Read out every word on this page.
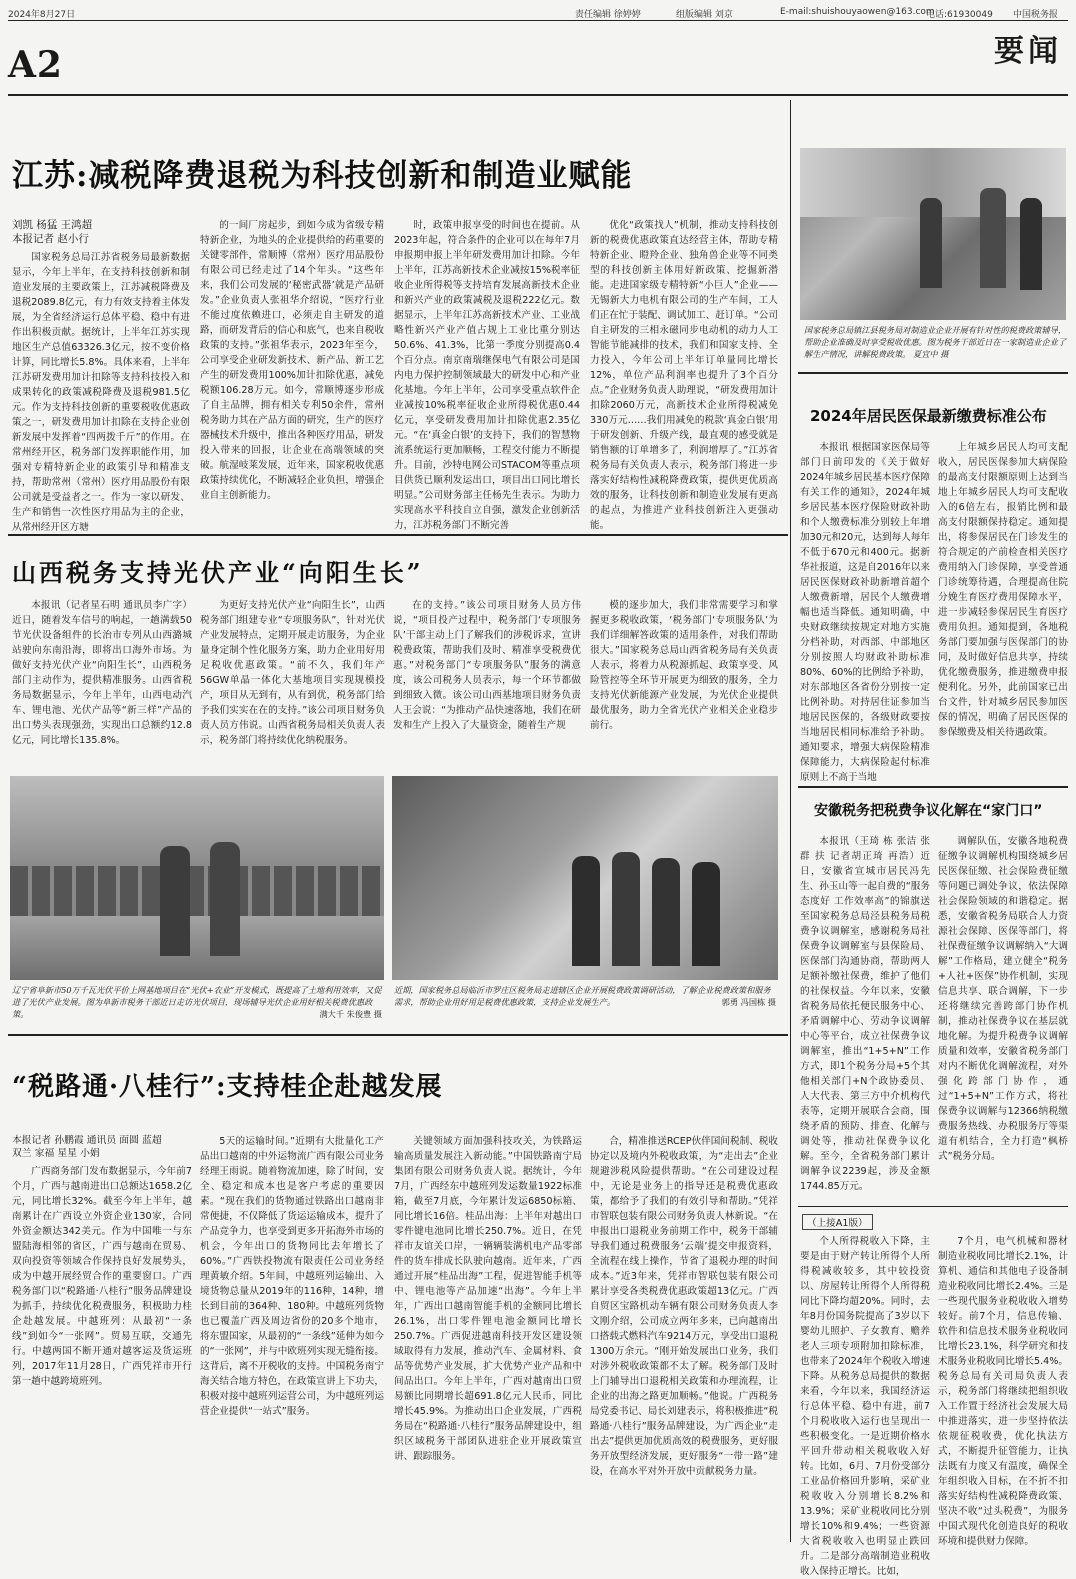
2024年8月27日	责任编辑 徐婷婷	组版编辑 刘京	E-mail:shuishouyaowen@163.com
电话:61930049 中国税务报
A2	要闻
江苏:减税降费退税为科技创新和制造业赋能
刘凯 杨猛 王鸿超
本报记者 赵小行
国家税务总局江苏省税务局最新数据显示，今年上半年，在支持科技创新和制造业发展的主要政策上，江苏减税降费及退税2089.8亿元，有力有效支持着主体发展，为全省经济运行总体平稳、稳中有进作出积极贡献。据统计，上半年江苏实现地区生产总值63326.3亿元，按不变价格计算，同比增长5.8%。具体来看，上半年江苏研发费用加计扣除等支持科技投入和成果转化的政策减税降费及退税981.5亿元。作为支持科技创新的重要税收优惠政策之一，研发费用加计扣除在支持企业创新发展中发挥着“四两拨千斤”的作用。在常州经开区，税务部门发挥职能作用，加强对专精特新企业的政策引导和精准支持，帮助常州（常州）医疗用品股份有限公司就是受益者之一。作为一家以研发、生产和销售一次性医疗用品为主的企业，从常州经开区方塘
的一间厂房起步，到如今成为省级专精特新企业，为地头的企业提供给的药重要的关键零部件，常顺博（常州）医疗用品股份有限公司已经走过了14个年头。“这些年来，我们公司发展的‘秘密武器’就是产品研发。”企业负责人张祖华介绍说，“医疗行业不能过度依赖进口，必须走自主研发的道路，而研发背后的信心和底气，也来自税收政策的支持。”张祖华表示，2023年至今，公司享受企业研发新技术、新产品、新工艺产生的研发费用100%加计扣除优惠，减免税额106.28万元。如今，常顺博逐步形成了自主品牌，拥有相关专利50余件，常州税务助力其在产品方面的研究，生产的医疗器械技术升级中，推出各种医疗用品，研发投入带来的回报，让企业在高端领域的突破。航湿岐莱发展，近年来，国家税收优惠政策持续优化，不断减轻企业负担，增强企业自主创新能力。
时，政策申报享受的时间也在提前。从2023年起，符合条件的企业可以在每年7月申报期申报上半年研发费用加计扣除。今年上半年，江苏高新技术企业减按15%税率征收企业所得税等支持培育发展高新技术企业和新兴产业的政策减税及退税222亿元。数据显示，上半年江苏高新技术产业、工业战略性新兴产业产值占规上工业比重分别达50.6%、41.3%，比第一季度分别提高0.4个百分点。南京南瑞继保电气有限公司是国内电力保护控制领域最大的研发中心和产业化基地。今年上半年，公司享受重点软件企业减按10%税率征收企业所得税优惠0.44亿元，享受研发费用加计扣除优惠2.35亿元。“在‘真金白银’的支持下，我们的智慧物流系统运行更加顺畅，工程交付能力不断提升。目前，沙特电网公司STACOM等重点项目供货已顺利发运出口，项目出口同比增长明显。”公司财务部主任杨先生表示。为助力实现高水平科技自立自强，激发企业创新活力，江苏税务部门不断完善
优化“政策找人”机制，推动支持科技创新的税费优惠政策直达经营主体，帮助专精特新企业、瞪羚企业、独角兽企业等不同类型的科技创新主体用好新政策、挖掘新潜能。走进国家级专精特新“小巨人”企业——无锡新大力电机有限公司的生产车间，工人们正在忙于装配、调试加工、赶订单。“公司自主研发的三相永磁同步电动机的动力人工智能节能减排的技术，我们和国家支持、全力投入，今年公司上半年订单量同比增长12%，单位产品利润率也提升了3个百分点。”企业财务负责人助理说，“研发费用加计扣除2060万元，高新技术企业所得税减免330万元……我们用减免的税款‘真金白银’用于研发创新、升级产线，最直观的感受就是销售额的订单增多了，利润增厚了。”江苏省税务局有关负责人表示，税务部门将进一步落实好结构性减税降费政策，提供更优质高效的服务，让科技创新和制造业发展有更高的起点，为推进产业科技创新注入更强动能。
国家税务总局镇江县税务局对制造业企业开展有针对性的税费政策辅导，帮助企业准确及时享受税收优惠。图为税务干部近日在一家制造业企业了解生产情况，讲解税费政策。 夏宜中 摄
2024年居民医保最新缴费标准公布
本报讯 根据国家医保局等部门日前印发的《关于做好2024年城乡居民基本医疗保障有关工作的通知》，2024年城乡居民基本医疗保险财政补助和个人缴费标准分别较上年增加30元和20元，达到每人每年不低于670元和400元。据新华社报道，这是自2016年以来居民医保财政补助新增首超个人缴费新增，居民个人缴费增幅也适当降低。通知明确，中央财政继续按规定对地方实施分档补助，对西部、中部地区分别按照人均财政补助标准80%、60%的比例给予补助，对东部地区各省份分别按一定比例补助。对持居住证参加当地居民医保的，各级财政要按当地居民相同标准给予补助。通知要求，增强大病保险精准保障能力，大病保险起付标准原则上不高于当地
上年城乡居民人均可支配收入，居民医保参加大病保险的最高支付限额原则上达到当地上年城乡居民人均可支配收入的6倍左右，报销比例和最高支付限额保持稳定。通知提出，将参保居民在门诊发生的符合规定的产前检查相关医疗费用纳入门诊保障，享受普通门诊统筹待遇，合理提高住院分娩生育医疗费用保障水平，进一步减轻参保居民生育医疗费用负担。通知提到，各地税务部门要加强与医保部门的协同，及时做好信息共享，持续优化缴费服务，推进缴费申报便利化。另外，此前国家已出台文件，针对城乡居民参加医保的情况，明确了居民医保的参保缴费及相关待遇政策。
安徽税务把税费争议化解在“家门口”
本报讯（王琦 栋 张洁 张 群 扶 记者胡正琦 再浩）近日，安徽省宣城市居民冯先生、孙玉山等一起自费的“服务态度好 工作效率高”的锦旗送至国家税务总局泾县税务局税费争议调解室，感谢税务局社保费争议调解室与县保险局、医保部门沟通协商，帮助两人足额补缴社保费，维护了他们的社保权益。今年以来，安徽省税务局依托便民服务中心、矛盾调解中心、劳动争议调解中心等平台，成立社保费争议调解室，推出“1+5+N”工作方式，即1个税务分局+5个其他相关部门+N个政协委员、人大代表、第三方中介机构代表等，定期开展联合会商，围绕矛盾的预防、排查、化解与调处等，推动社保费争议化解。至今，全省税务部门累计调解争议2239起，涉及金额1744.85万元。
调解队伍，安徽各地税费征缴争议调解机构围绕城乡居民医保征缴、社会保险费征缴等问题已调处争议，依法保障社会保险领域的和谐稳定。据悉，安徽省税务局联合人力资源社会保障、医保等部门，将社保费征缴争议调解纳入“大调解”工作格局，建立健全“税务+人社+医保”协作机制，实现信息共享、联合调解，下一步还将继续完善跨部门协作机制，推动社保费争议在基层就地化解。为提升税费争议调解质量和效率，安徽省税务部门对内不断优化调解流程，对外强化跨部门协作，通过“1+5+N”工作方式，将社保费争议调解与12366纳税缴费服务热线、办税服务厅等渠道有机结合，全力打造“枫桥式”税务分局。
山西税务支持光伏产业“向阳生长”
本报讯（记者星石明 通讯员李广字）近日，随着发车信号的响起，一趟满载50节光伏设备组件的长治市专列从山西潞城站驶向东南沿海，即将出口海外市场。为做好支持光伏产业“向阳生长”，山西税务部门主动作为，提供精准服务。山西省税务局数据显示，今年上半年，山西电动汽车、锂电池、光伏产品等“新三样”产品的出口势头表现强劲，实现出口总额约12.8亿元，同比增长135.8%。
为更好支持光伏产业“向阳生长”，山西税务部门组建专业“专项服务队”，针对光伏产业发展特点，定期开展走访服务，为企业量身定制个性化服务方案，助力企业用好用足税收优惠政策。“前不久，我们年产56GW单晶一体化大基地项目实现规模投产，项目从无到有，从有到优，税务部门给予我们实实在在的支持。”该公司项目财务负责人员方伟说。山西省税务局相关负责人表示，税务部门将持续优化纳税服务。
在的支持。”该公司项目财务人员方伟说，“项目投产过程中，税务部门‘专项服务队’干部主动上门了解我们的涉税诉求，宣讲税费政策，帮助我们及时、精准享受税费优惠。”对税务部门“专项服务队”服务的满意度，该公司税务人员表示，每一个环节都做到细致入微。该公司山西基地项目财务负责人王会说：“为推动产品快速落地，我们在研发和生产上投入了大量资金，随着生产规
模的逐步加大，我们非常需要学习和掌握更多税收政策，‘税务部门‘专项服务队’为我们详细解答政策的适用条件，对我们帮助很大。”国家税务总局山西省税务局有关负责人表示，将着力从税源抓起、政策享受、风险管控等全环节开展更为细致的服务，全力支持光伏新能源产业发展，为光伏企业提供最优服务，助力全省光伏产业相关企业稳步前行。
辽宁省阜新市50万千瓦光伏平价上网基地项目在“光伏+农业”开发模式，既提高了土地利用效率，又促进了光伏产业发展。图为阜新市税务干部近日走访光伏项目，现场辅导光伏企业用好相关税费优惠政策。	满大千 朱俊豊 摄
近期，国家税务总局临沂市罗庄区税务局走进辖区企业开展税费政策调研活动，了解企业税费政策和服务需求，帮助企业用好用足税费优惠政策，支持企业发展生产。	郭勇 冯国栋 摄
“税路通·八桂行”:支持桂企赴越发展
本报记者 孙鹏霞 通讯员 面圆 蓝超
双兰 家福 星星 小娟
广西商务部门发布数据显示，今年前7个月，广西与越南进出口总额达1658.2亿元，同比增长32%。截至今年上半年，越南累计在广西设立外资企业130家，合同外资金额达342美元。作为中国唯一与东盟陆海相邻的省区，广西与越南在贸易、双向投资等领域合作保持良好发展势头，成为中越开展经贸合作的重要窗口。广西税务部门以“税路通·八桂行”服务品牌建设为抓手，持续优化税费服务，积极助力桂企赴越发展。中越班列：从最初“一条线”到如今“一张网”。贸易互联，交通先行。中越两国不断开通对越客运及货运班列，2017年11月28日，广西凭祥市开行第一趟中越跨境班列。
5天的运输时间。”近期有大批量化工产品出口越南的中外运物流广西有限公司业务经理王雨说。随着物流加速，除了时间，安全、稳定和成本也是客户考虑的重要因素。“现在我们的货物通过铁路出口越南非常便捷，不仅降低了货运运输成本，提升了产品竞争力，也享受到更多开拓海外市场的机会，今年出口的货物同比去年增长了60%。”广西铁投物流有限责任公司业务经理黄敏介绍。5年间，中越班列运输出、入境货物总量从2019年的116种，14种，增长到目前的364种、180种。中越班列货物也已覆盖广西及周边省份的20多个地市，将东盟国家，从最初的“一条线”延伸为如今的“一张网”，并与中欧班列实现无缝衔接。这背后，离不开税收的支持。中国税务南宁海关结合地方特色，在政策宣讲上下功夫，积极对接中越班列运营公司，为中越班列运营企业提供“一站式”服务。
关键领域方面加强科技攻关，为铁路运输高质量发展注入新动能。”中国铁路南宁局集团有限公司财务负责人说。据统计，今年7月，广西经东中越班列发运数量1922标准箱，截至7月底，今年累计发运6850标箱、同比增长16倍。桂品出海：上半年对越出口零件键电池同比增长250.7%。近日，在凭祥市友谊关口岸，一辆辆装满机电产品零部件的货车排成长队驶向越南。近年来，广西通过开展“桂品出海”工程，促进智能手机等中、锂电池等产品加速“出海”。今年上半年，广西出口越南智能手机的金额同比增长26.1%，出口零件锂电池金额同比增长250.7%。广西促进越南科技开发区建设领域取得有力发展，推动汽车、金属材料、食品等优势产业发展，扩大优势产业产品和中间品出口。今年上半年，广西对越南出口贸易额比同期增长超691.8亿元人民币，同比增长45.9%。为推动出口企业发展，广西税务局在“税路通·八桂行”服务品牌建设中，组织区域税务干部团队进驻企业开展政策宣讲、跟踪服务。
合，精准推送RCEP伙伴国间税制、税收协定以及境内外税收政策，为“走出去”企业规避涉税风险提供帮助。“在公司建设过程中，无论是业务上的指导还是税费优惠政策，都给予了我们的有效引导和帮助。”凭祥市智联包装有限公司财务负责人林新说。“在申报出口退税业务前期工作中，税务干部辅导我们通过税费服务‘云端’提交申报资料，全流程在线上操作，节省了退税办理的时间成本。”近3年来，凭祥市智联包装有限公司累计享受各类税费优惠政策超13亿元。广西自贸区宝路机动车辆有限公司财务负责人李文刚介绍，公司成立两年多来，已向越南出口搭载式燃料汽车9214万元，享受出口退税1300万余元。“刚开始发展出口业务，我们对涉外税收政策都不太了解。税务部门及时上门辅导出口退税相关政策和办理流程，让企业的出海之路更加顺畅。”他说。广西税务局党委书记、局长刘建表示，将积极推进“税路通·八桂行”服务品牌建设，为广西企业“走出去”提供更加优质高效的税费服务，更好服务开放型经济发展，更好服务“一带一路”建设，在高水平对外开放中贡献税务力量。
（上接A1版）
个人所得税收入下降，主要是由于财产转让所得个人所得税减收较多，其中较投资以、房屋转让所得个人所得税同比下降均超20%。同时，去年8月份国务院提高了3岁以下婴幼儿照护、子女教育、赡养老人三项专项附加扣除标准，也带来了2024年个税收入增速下降。从税务总局提供的数据来看，今年以来，我国经济运行总体平稳、稳中有进，前7个月税收收入运行也呈现出一些积极变化。一是近期价格水平回升带动相关税收收入好转。比如，6月、7月份受部分工业品价格回升影响，采矿业税收收入分别增长8.2%和13.9%；采矿业税收同比分别增长10%和9.4%；一些资源大省税收收入也明显止跌回升。二是部分高端制造业税收收入保持正增长。比如，
7个月，电气机械和器材制造业税收同比增长2.1%，计算机、通信和其他电子设备制造业税收同比增长2.4%。三是一些现代服务业税收收入增势较好。前7个月，信息传输、软件和信息技术服务业税收同比增长23.1%，科学研究和技术服务业税收同比增长5.4%。税务总局有关司局负责人表示，税务部门将继续把组织收入工作置于经济社会发展大局中推进落实，进一步坚持依法依规征税收费，优化执法方式，不断提升征管能力，让执法既有力度又有温度，确保全年组织收入目标，在不折不扣落实好结构性减税降费政策、坚决不收“过头税费”，为服务中国式现代化创造良好的税收环境和提供财力保障。
